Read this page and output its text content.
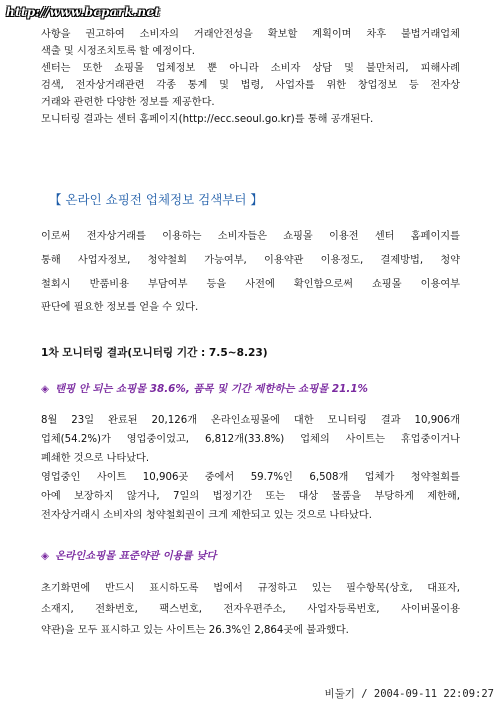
http://www.bcpark.net
사항을 권고하여 소비자의 거래안전성을 확보할 계획이며 차후 불법거래업체
색출 및 시정조치토록 할 예정이다.
센터는 또한 쇼핑몰 업체정보 뿐 아니라 소비자 상담 및 불만처리, 피해사례
검색, 전자상거래관련 각종 통계 및 법령, 사업자를 위한 창업정보 등 전자상
거래와 관련한 다양한 정보를 제공한다.
모니터링 결과는 센터 홈페이지(http://ecc.seoul.go.kr)를 통해 공개된다.
【 온라인 쇼핑전 업체정보 검색부터 】
이로써 전자상거래를 이용하는 소비자들은 쇼핑몰 이용전 센터 홈페이지를
통해 사업자정보, 청약철회 가능여부, 이용약관 이용정도, 결제방법, 청약
철회시 반품비용 부담여부 등을 사전에 확인함으로써 쇼핑몰 이용여부
판단에 필요한 정보를 얻을 수 있다.
1차 모니터링 결과(모니터링 기간 : 7.5~8.23)
◈ 탠핑 안 되는 쇼핑몰 38.6%, 품목 및 기간 제한하는 쇼핑몰 21.1%
8월 23일 완료된 20,126개 온라인쇼핑몰에 대한 모니터링 결과 10,906개
업체(54.2%)가 영업중이었고, 6,812개(33.8%) 업체의 사이트는 휴업중이거나
폐쇄한 것으로 나타났다.
영업중인 사이트 10,906곳 중에서 59.7%인 6,508개 업체가 청약철회를
아예 보장하지 않거나, 7일의 법정기간 또는 대상 물품을 부당하게 제한해,
전자상거래시 소비자의 청약철회권이 크게 제한되고 있는 것으로 나타났다.
◈ 온라인쇼핑몰 표준약관 이용률 낮다
초기화면에 반드시 표시하도록 법에서 규정하고 있는 필수항목(상호, 대표자,
소재지, 전화번호, 팩스번호, 전자우편주소, 사업자등록번호, 사이버몰이용
약관)을 모두 표시하고 있는 사이트는 26.3%인 2,864곳에 불과했다.
비둘기 / 2004-09-11 22:09:27
